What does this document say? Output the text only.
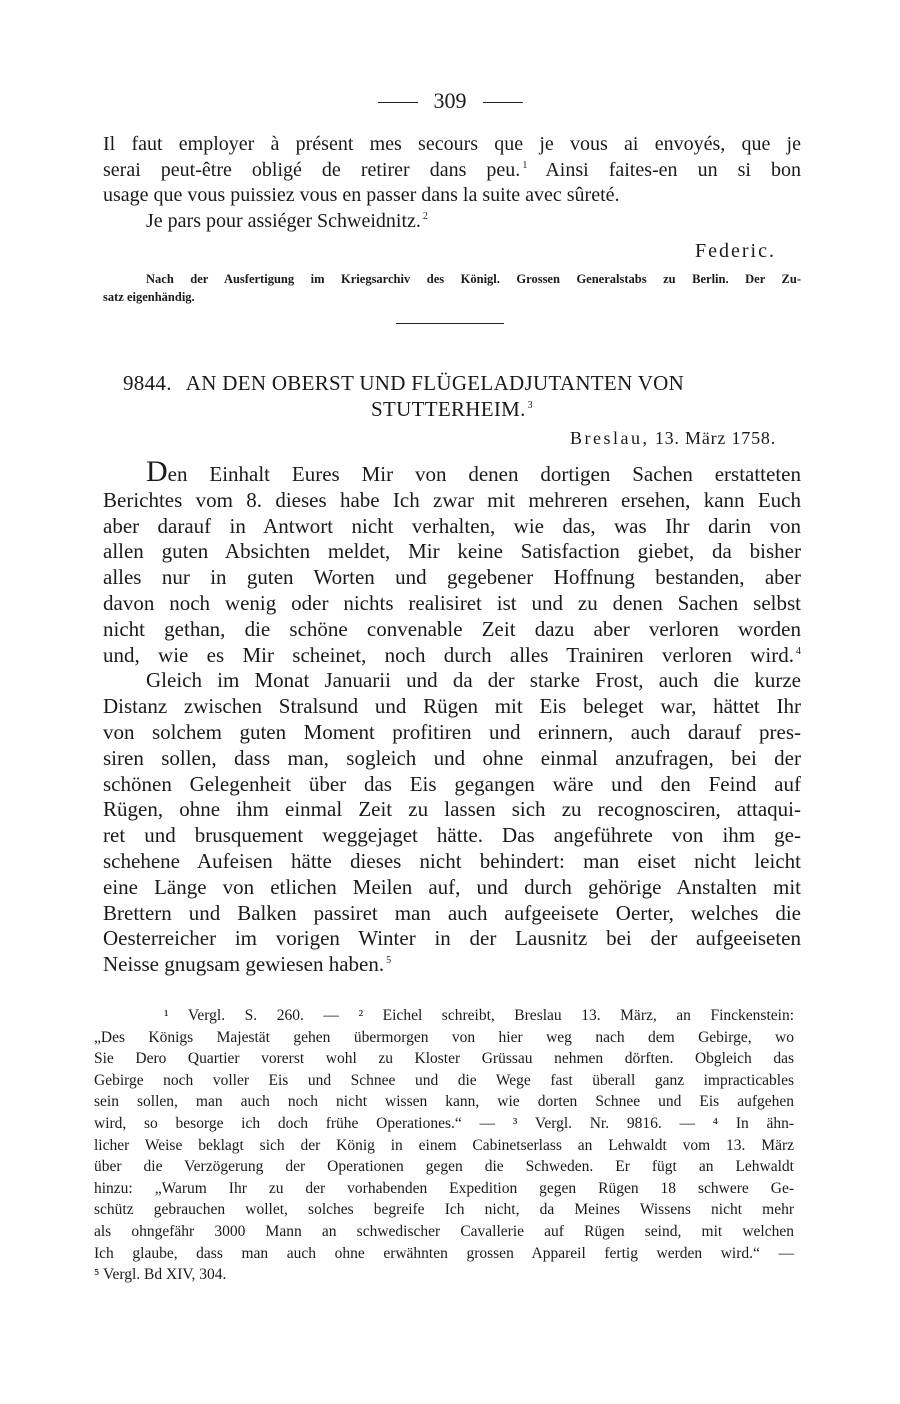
309
Il faut employer à présent mes secours que je vous ai envoyés, que je
serai peut-être obligé de retirer dans peu. $^1$ Ainsi faites-en un si bon
usage que vous puissiez vous en passer dans la suite avec sûreté.
Je pars pour assiéger Schweidnitz. $^2$
Federic.
Nach der Ausfertigung im Kriegsarchiv des Königl. Grossen Generalstabs zu Berlin. Der Zu-
satz eigenhändig.
9844. AN DEN OBERST UND FLÜGELADJUTANTEN VON
STUTTERHEIM. $^3$
Breslau, 13. März 1758.
Den Einhalt Eures Mir von denen dortigen Sachen erstatteten
Berichtes vom 8. dieses habe Ich zwar mit mehreren ersehen, kann Euch
aber darauf in Antwort nicht verhalten, wie das, was Ihr darin von
allen guten Absichten meldet, Mir keine Satisfaction giebet, da bisher
alles nur in guten Worten und gegebener Hoffnung bestanden, aber
davon noch wenig oder nichts realisiret ist und zu denen Sachen selbst
nicht gethan, die schöne convenable Zeit dazu aber verloren worden
und, wie es Mir scheinet, noch durch alles Trainiren verloren wird. $^4$
Gleich im Monat Januarii und da der starke Frost, auch die kurze
Distanz zwischen Stralsund und Rügen mit Eis beleget war, hättet Ihr
von solchem guten Moment profitiren und erinnern, auch darauf pres-
siren sollen, dass man, sogleich und ohne einmal anzufragen, bei der
schönen Gelegenheit über das Eis gegangen wäre und den Feind auf
Rügen, ohne ihm einmal Zeit zu lassen sich zu recognosciren, attaqui-
ret und brusquement weggejaget hätte. Das angeführete von ihm ge-
schehene Aufeisen hätte dieses nicht behindert: man eiset nicht leicht
eine Länge von etlichen Meilen auf, und durch gehörige Anstalten mit
Brettern und Balken passiret man auch aufgeeisete Oerter, welches die
Oesterreicher im vorigen Winter in der Lausnitz bei der aufgeeiseten
Neisse gnugsam gewiesen haben. $^5$
¹ Vergl. S. 260. — ² Eichel schreibt, Breslau 13. März, an Finckenstein:
„Des Königs Majestät gehen übermorgen von hier weg nach dem Gebirge, wo
Sie Dero Quartier vorerst wohl zu Kloster Grüssau nehmen dörften. Obgleich das
Gebirge noch voller Eis und Schnee und die Wege fast überall ganz impracticables
sein sollen, man auch noch nicht wissen kann, wie dorten Schnee und Eis aufgehen
wird, so besorge ich doch frühe Operationes.“ — ³ Vergl. Nr. 9816. — ⁴ In ähn-
licher Weise beklagt sich der König in einem Cabinetserlass an Lehwaldt vom 13. März
über die Verzögerung der Operationen gegen die Schweden. Er fügt an Lehwaldt
hinzu: „Warum Ihr zu der vorhabenden Expedition gegen Rügen 18 schwere Ge-
schütz gebrauchen wollet, solches begreife Ich nicht, da Meines Wissens nicht mehr
als ohngefähr 3000 Mann an schwedischer Cavallerie auf Rügen seind, mit welchen
Ich glaube, dass man auch ohne erwähnten grossen Appareil fertig werden wird.“ —
⁵ Vergl. Bd XIV, 304.
